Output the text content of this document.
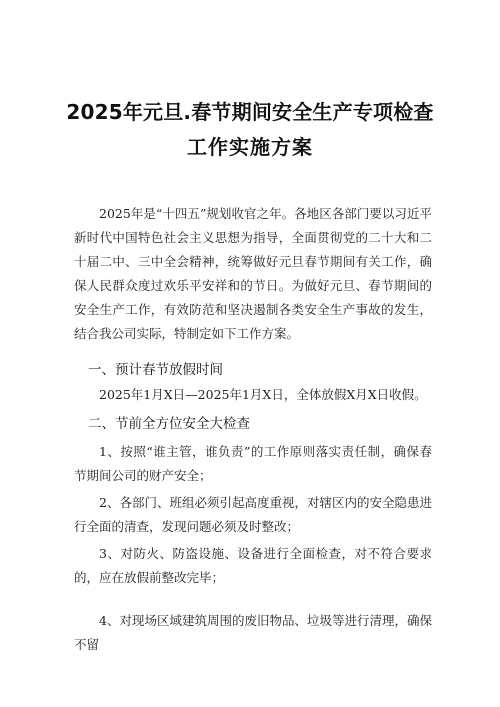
2025年元旦.春节期间安全生产专项检查
工作实施方案
2025年是“十四五”规划收官之年。各地区各部门要以习近平新时代中国特色社会主义思想为指导，全面贯彻党的二十大和二十届二中、三中全会精神，统筹做好元旦春节期间有关工作，确保人民群众度过欢乐平安祥和的节日。为做好元旦、春节期间的安全生产工作，有效防范和坚决遏制各类安全生产事故的发生，结合我公司实际，特制定如下工作方案。
一、预计春节放假时间
2025年1月X日—2025年1月X日，全体放假X月X日收假。
二、节前全方位安全大检查
1、按照“谁主管，谁负责”的工作原则落实责任制，确保春节期间公司的财产安全；
2、各部门、班组必须引起高度重视，对辖区内的安全隐患进行全面的清查，发现问题必须及时整改；
3、对防火、防盗设施、设备进行全面检查，对不符合要求的，应在放假前整改完毕；
4、对现场区域建筑周围的废旧物品、垃圾等进行清理，确保不留
